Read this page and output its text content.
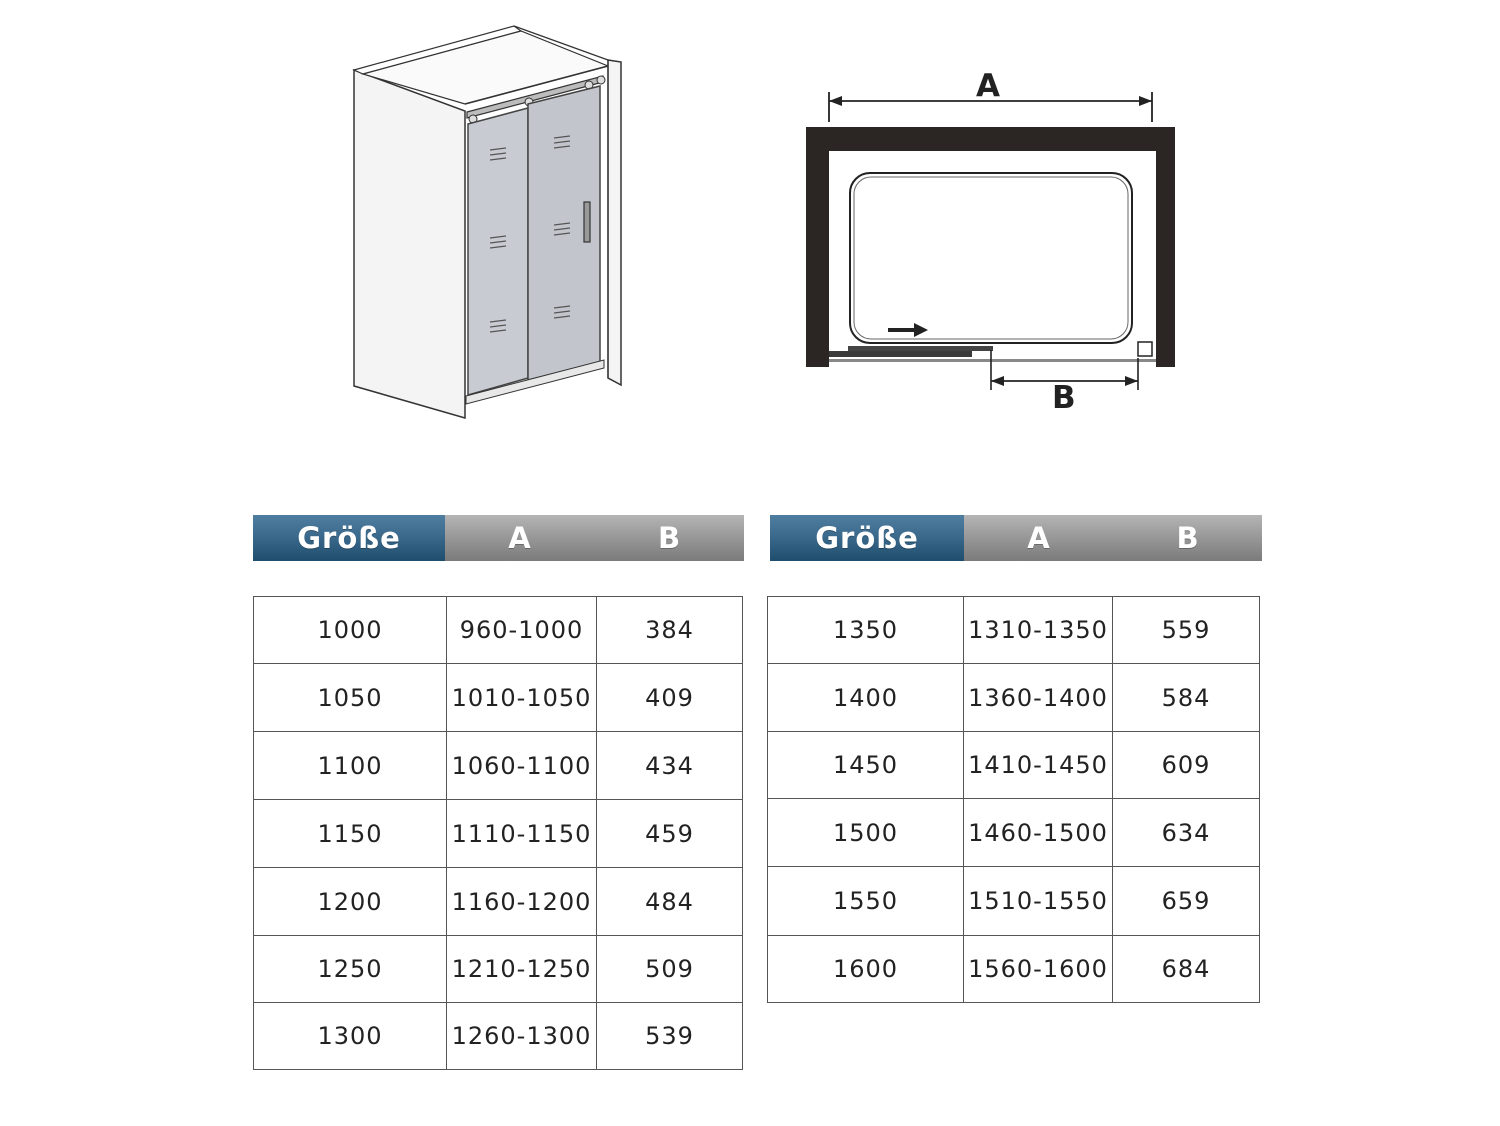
A
B
Größe	A	B
1000	960-1000	384
1050	1010-1050	409
1100	1060-1100	434
1150	1110-1150	459
1200	1160-1200	484
1250	1210-1250	509
1300	1260-1300	539
Größe	A	B
1350	1310-1350	559
1400	1360-1400	584
1450	1410-1450	609
1500	1460-1500	634
1550	1510-1550	659
1600	1560-1600	684
